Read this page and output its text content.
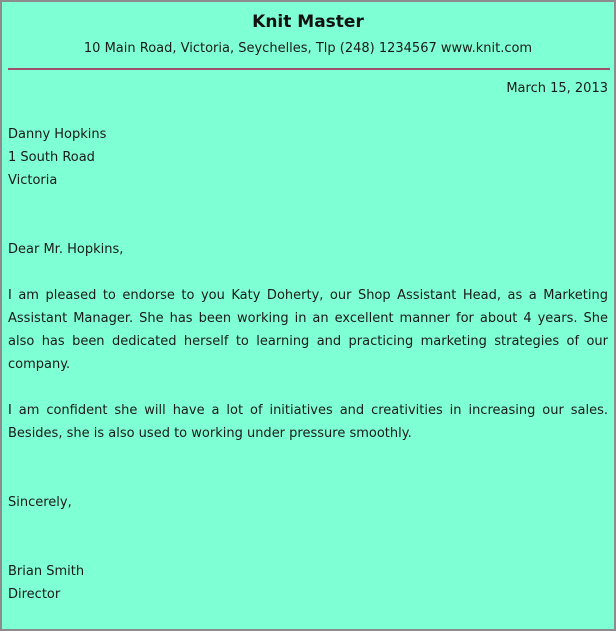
Knit Master
10 Main Road, Victoria, Seychelles, Tlp (248) 1234567 www.knit.com
March 15, 2013

Danny Hopkins

1 South Road

Victoria

Dear Mr. Hopkins,
I am pleased to endorse to you Katy Doherty, our Shop Assistant Head, as a Marketing Assistant Manager. She has been working in an excellent manner for about 4 years. She also has been dedicated herself to learning and practicing marketing strategies of our company.
I am confident she will have a lot of initiatives and creativities in increasing our sales. Besides, she is also used to working under pressure smoothly.
Sincerely,

Brian Smith

Director
